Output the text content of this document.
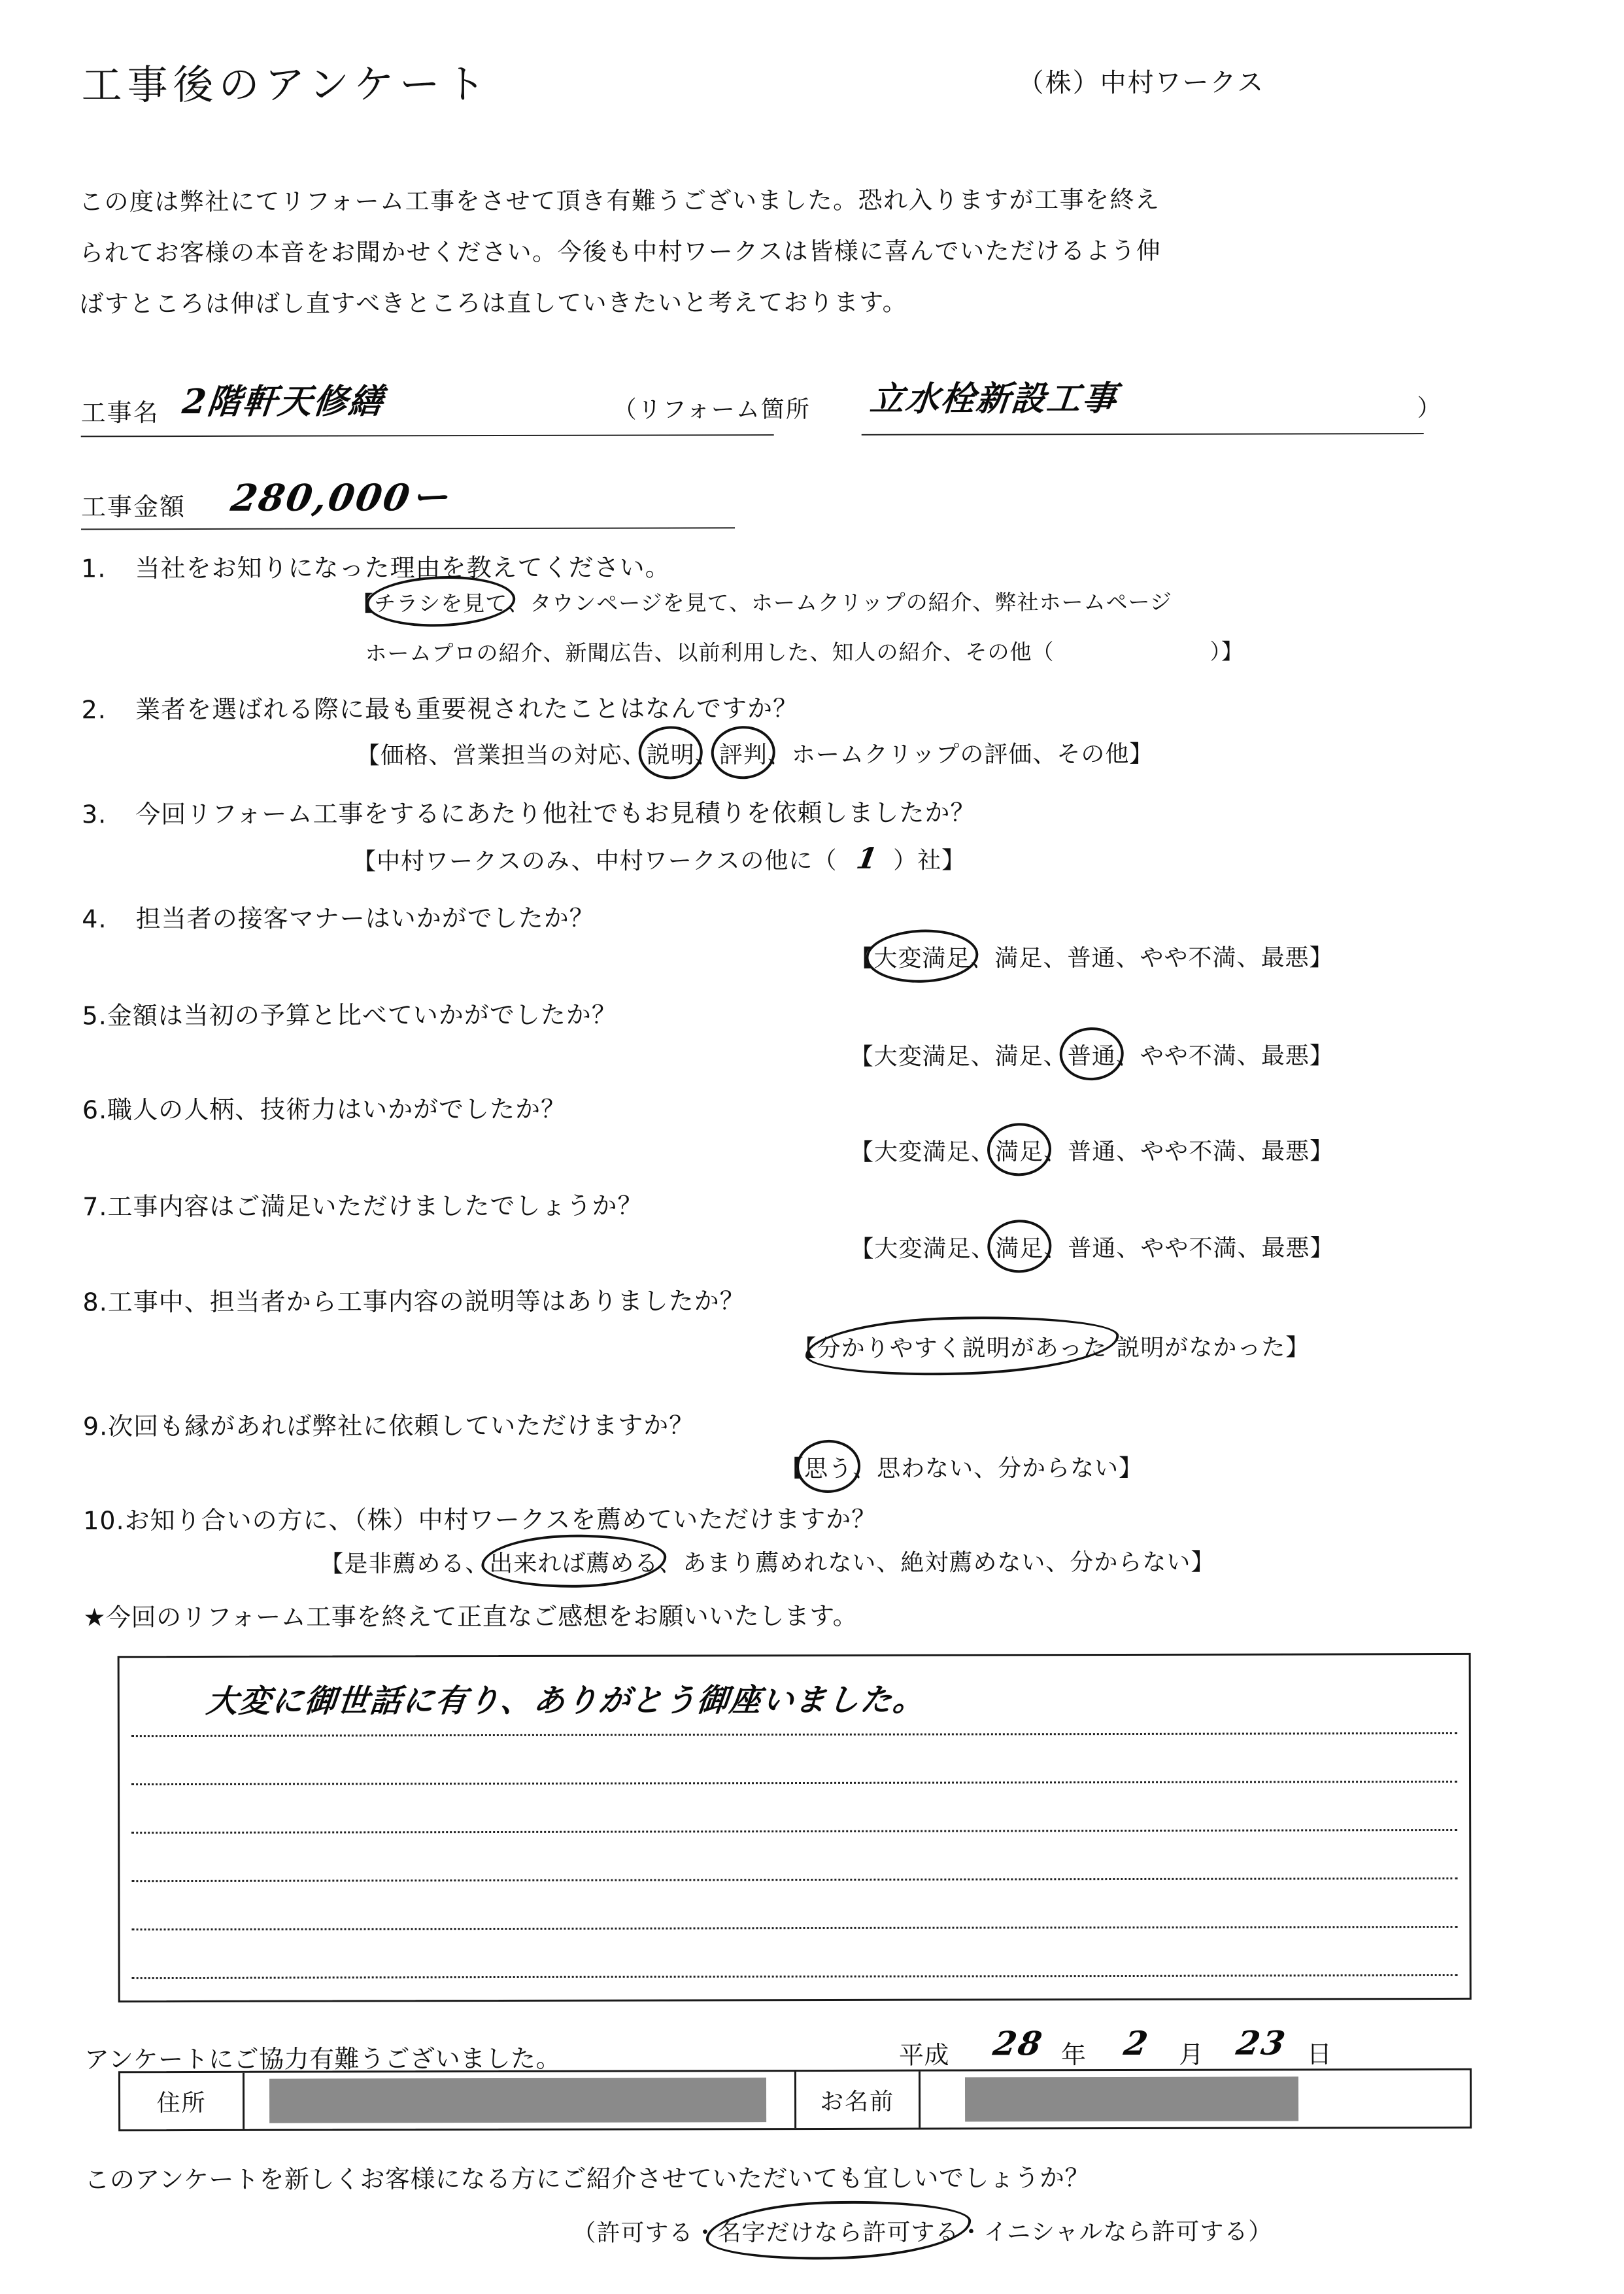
工事後のアンケート	（株）中村ワークス
この度は弊社にてリフォーム工事をさせて頂き有難うございました。恐れ入りますが工事を終え
られてお客様の本音をお聞かせください。今後も中村ワークスは皆様に喜んでいただけるよう伸
ばすところは伸ばし直すべきところは直していきたいと考えております。
工事名 2階軒天修繕	（リフォーム箇所 立水栓新設工事	）
工事金額 280,000ー
1. 当社をお知りになった理由を教えてください。
【チラシを見て、タウンページを見て、ホームクリップの紹介、弊社ホームページ
ホームプロの紹介、新聞広告、以前利用した、知人の紹介、その他（　　　　　　　）】
2. 業者を選ばれる際に最も重要視されたことはなんですか？
【価格、営業担当の対応、説明、評判、ホームクリップの評価、その他】
3. 今回リフォーム工事をするにあたり他社でもお見積りを依頼しましたか？
【中村ワークスのみ、中村ワークスの他に（ 1 ）社】
4. 担当者の接客マナーはいかがでしたか？
【大変満足、満足、普通、やや不満、最悪】
5.金額は当初の予算と比べていかがでしたか？
【大変満足、満足、普通、やや不満、最悪】
6.職人の人柄、技術力はいかがでしたか？
【大変満足、満足、普通、やや不満、最悪】
7.工事内容はご満足いただけましたでしょうか？
【大変満足、満足、普通、やや不満、最悪】
8.工事中、担当者から工事内容の説明等はありましたか？
【分かりやすく説明があった 説明がなかった】
9.次回も縁があれば弊社に依頼していただけますか？
【思う、思わない、分からない】
10.お知り合いの方に、（株）中村ワークスを薦めていただけますか？
【是非薦める、出来れば薦める、あまり薦めれない、絶対薦めない、分からない】
★今回のリフォーム工事を終えて正直なご感想をお願いいたします。
大変に御世話に有り、ありがとう御座いました。
アンケートにご協力有難うございました。	平成 28 年 2 月 23 日
住所	お名前
このアンケートを新しくお客様になる方にご紹介させていただいても宜しいでしょうか？
（許可する・名字だけなら許可する・イニシャルなら許可する）
